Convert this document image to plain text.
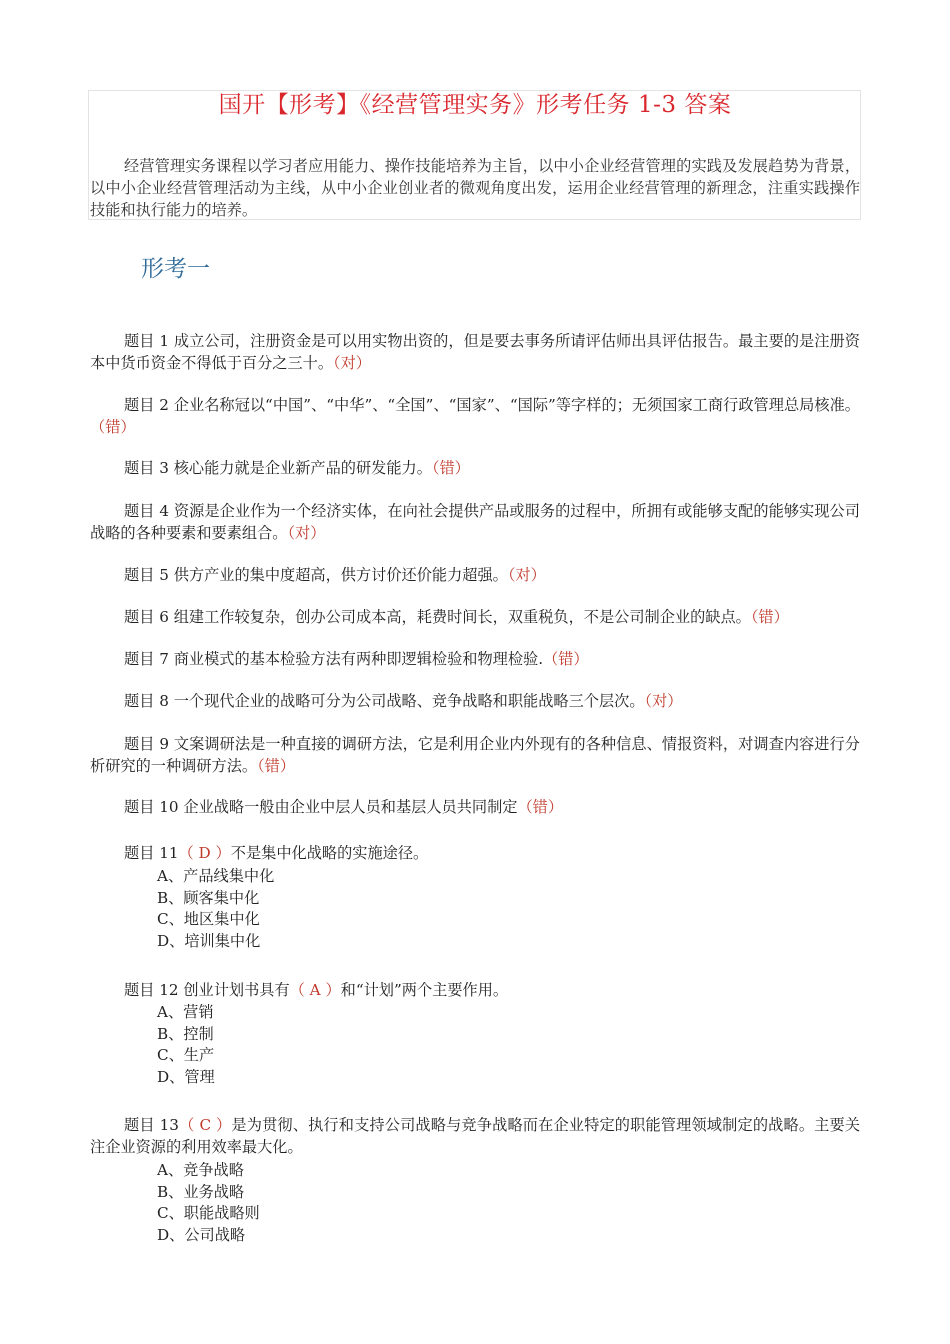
国开【形考】《经营管理实务》形考任务 1-3 答案
经营管理实务课程以学习者应用能力、操作技能培养为主旨，以中小企业经营管理的实践及发展趋势为背景，以中小企业经营管理活动为主线，从中小企业创业者的微观角度出发，运用企业经营管理的新理念，注重实践操作技能和执行能力的培养。
形考一
题目 1 成立公司，注册资金是可以用实物出资的，但是要去事务所请评估师出具评估报告。最主要的是注册资本中货币资金不得低于百分之三十。（对）
题目 2 企业名称冠以“中国”、“中华”、“全国”、“国家”、“国际”等字样的；无须国家工商行政管理总局核准。（错）
题目 3 核心能力就是企业新产品的研发能力。（错）
题目 4 资源是企业作为一个经济实体，在向社会提供产品或服务的过程中，所拥有或能够支配的能够实现公司战略的各种要素和要素组合。（对）
题目 5 供方产业的集中度超高，供方讨价还价能力超强。（对）
题目 6 组建工作较复杂，创办公司成本高，耗费时间长，双重税负，不是公司制企业的缺点。（错）
题目 7 商业模式的基本检验方法有两种即逻辑检验和物理检验.（错）
题目 8 一个现代企业的战略可分为公司战略、竞争战略和职能战略三个层次。（对）
题目 9 文案调研法是一种直接的调研方法，它是利用企业内外现有的各种信息、情报资料，对调查内容进行分析研究的一种调研方法。（错）
题目 10 企业战略一般由企业中层人员和基层人员共同制定（错）
题目 11（ D ）不是集中化战略的实施途径。
A、产品线集中化
B、顾客集中化
C、地区集中化
D、培训集中化
题目 12 创业计划书具有（ A ）和“计划”两个主要作用。
A、营销
B、控制
C、生产
D、管理
题目 13（ C ）是为贯彻、执行和支持公司战略与竞争战略而在企业特定的职能管理领域制定的战略。主要关注企业资源的利用效率最大化。
A、竞争战略
B、业务战略
C、职能战略则
D、公司战略
